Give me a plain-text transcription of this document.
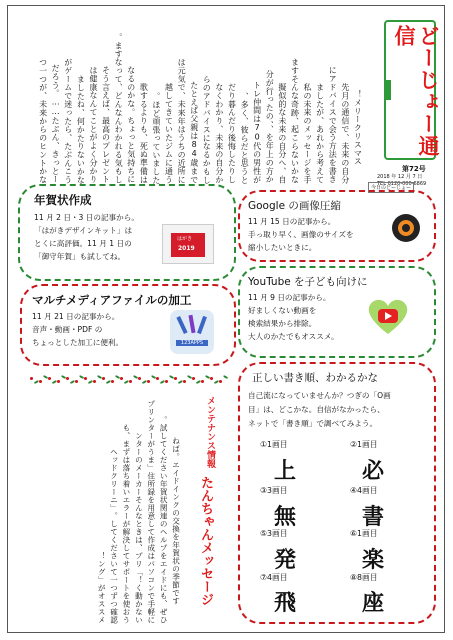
メリークリスマス！先月の通信で、未来の自分にアドバイスで会う方法を書きましたが、あれから考えて私の未来のメッセージを手ますそんな奇跡、起こらないかな擬似的な未来の自分へ、自分が行ったの、、を年上の方かトレ仲間は70代の男性が多く、彼らだと思うと、だり暮んだり後悔したりしなくわかり、未来の自分からのアドバイスになるかもしたとえば父親は84歳までは元気で、未来年はうちの近所に越してきていたジムに通うほど頑張っていました。歌するよりも、死ぬ準備はなるのかな。ちょっと気持ちになって、どんなんわかれる気もします。そう言えば、最高のプレゼントは健康なんてことがよく分かりましたね、何かたりないかながゲームで迷ったら、たぶんこうだろう。……たぶん、きっとーつ一つが、未来からのヒントかな	どーじょー通信
第72号
2018 年 12 月 7 日
TEL 0120-000-6869
年賀状作成
11 月 2 日・3 日の記事から。
「はがきデザインキット」は
とくに高評価。11 月 1 日の
「御守年賀」も試してね。
はがき
2019
今日のどーじょー
Google の画像圧縮
11 月 15 日の記事から。
手っ取り早く、画像のサイズを
縮小したいときに。
YouTube を子ども向けに
11 月 9 日の記事から。
好ましくない動画を
検索結果から排除。
大人のかたでもオススメ。
マルチメディアファイルの加工
11 月 21 日の記事から。
音声・動画・PDF の
ちょっとした加工に便利。	123APPS

年賀状の季節ですねば。エイドインクの交換をエイドにも、ぜひ年賀状関連のヘルプを試してください。作成はパソコンで手軽に住所録を用意して「プリンターがうまく動かない！」そんなときは、プリンターのメーカーサポートを使おうエラーが解決しても、まずは落ち着いて一つずつ確認してください。「ヘッドクリーニング」がオススメ！
メンテナンス情報
たんちゃんメッセージ
正しい書き順、わかるかな
自己流になっていませんか？つぎの「O画
目」は、どこかな。自信がなかったら、
ネットで「書き順」で調べてみよう。
①1画目
上
②1画目
必
③3画目
無
④4画目
書
⑤3画目
発
⑥1画目
楽
⑦4画目
飛
⑧8画目
座
